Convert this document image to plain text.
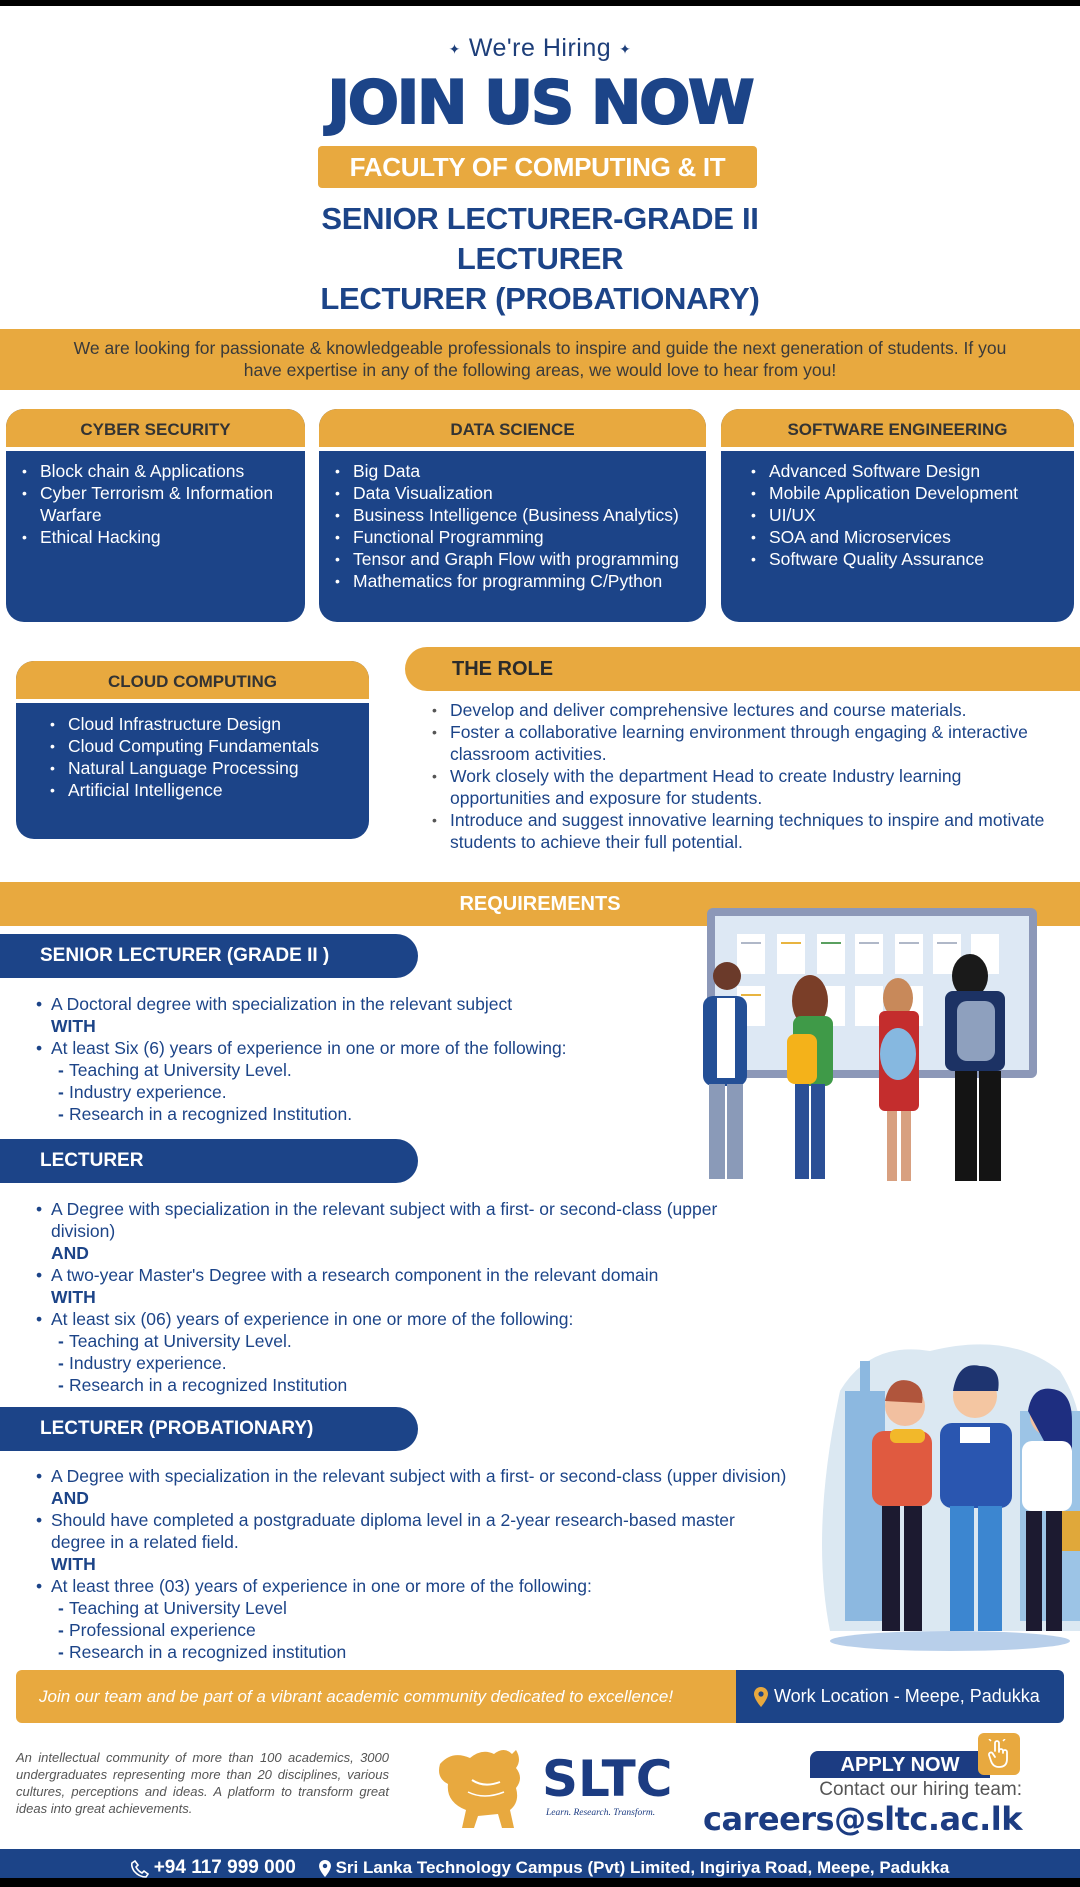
✦ We're Hiring ✦
JOIN US NOW
FACULTY OF COMPUTING & IT
SENIOR LECTURER-GRADE II
LECTURER
LECTURER (PROBATIONARY)
We are looking for passionate & knowledgeable professionals to inspire and guide the next generation of students. If you have expertise in any of the following areas, we would love to hear from you!
CYBER SECURITY
• Block chain & Applications
• Cyber Terrorism & Information Warfare
• Ethical Hacking
DATA SCIENCE
• Big Data
• Data Visualization
• Business Intelligence (Business Analytics)
• Functional Programming
• Tensor and Graph Flow with programming
• Mathematics for programming C/Python
SOFTWARE ENGINEERING
• Advanced Software Design
• Mobile Application Development
• UI/UX
• SOA and Microservices
• Software Quality Assurance
CLOUD COMPUTING
• Cloud Infrastructure Design
• Cloud Computing Fundamentals
• Natural Language Processing
• Artificial Intelligence
THE ROLE
• Develop and deliver comprehensive lectures and course materials.
• Foster a collaborative learning environment through engaging & interactive classroom activities.
• Work closely with the department Head to create Industry learning opportunities and exposure for students.
• Introduce and suggest innovative learning techniques to inspire and motivate students to achieve their full potential.
REQUIREMENTS
SENIOR LECTURER (GRADE II )
• A Doctoral degree with specialization in the relevant subject
WITH
• At least Six (6) years of experience in one or more of the following:
- Teaching at University Level.
- Industry experience.
- Research in a recognized Institution.
LECTURER
• A Degree with specialization in the relevant subject with a first- or second-class (upper division)
AND
• A two-year Master's Degree with a research component in the relevant domain
WITH
• At least six (06) years of experience in one or more of the following:
- Teaching at University Level.
- Industry experience.
- Research in a recognized Institution
LECTURER (PROBATIONARY)
• A Degree with specialization in the relevant subject with a first- or second-class (upper division)
AND
• Should have completed a postgraduate diploma level in a 2-year research-based master degree in a related field.
WITH
• At least three (03) years of experience in one or more of the following:
- Teaching at University Level
- Professional experience
- Research in a recognized institution
Join our team and be part of a vibrant academic community dedicated to excellence!	Work Location - Meepe, Padukka
An intellectual community of more than 100 academics, 3000 undergraduates representing more than 20 disciplines, various cultures, perceptions and ideas. A platform to transform great ideas into great achievements.
SLTC
Learn. Research. Transform.
APPLY NOW
Contact our hiring team:
careers@sltc.ac.lk
+94 117 999 000 Sri Lanka Technology Campus (Pvt) Limited, Ingiriya Road, Meepe, Padukka
